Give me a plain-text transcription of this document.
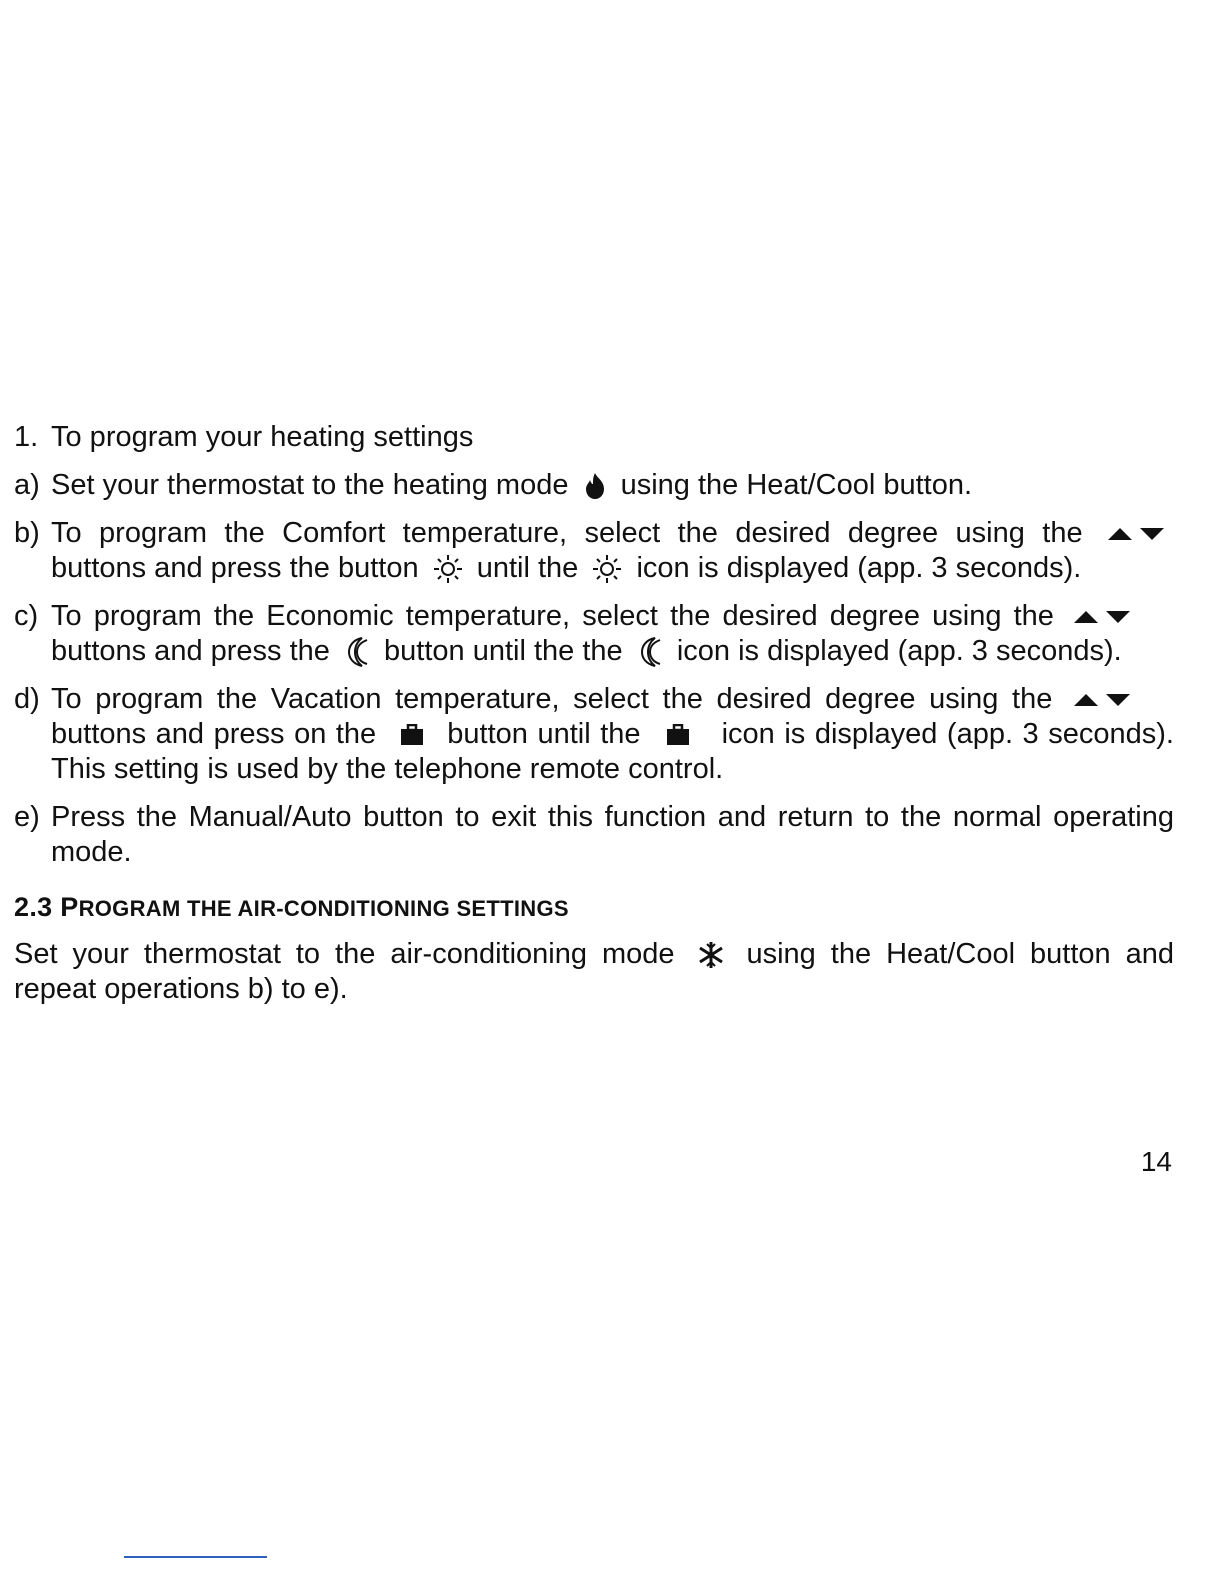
1. To program your heating settings
a) Set your thermostat to the heating mode using the Heat/Cool button.
b) To program the Comfort temperature, select the desired degree using the
buttons and press the button until the icon is displayed (app. 3 seconds).
c) To program the Economic temperature, select the desired degree using the
buttons and press the button until the the icon is displayed (app. 3 seconds).
d) To program the Vacation temperature, select the desired degree using the
buttons and press on the button until the	icon is displayed (app. 3 seconds). This setting is used by the telephone remote control.
e) Press the Manual/Auto button to exit this function and return to the normal operating mode.
2.3 PROGRAM THE AIR-CONDITIONING SETTINGS
Set your thermostat to the air-conditioning mode using the Heat/Cool button and repeat operations b) to e).
14
